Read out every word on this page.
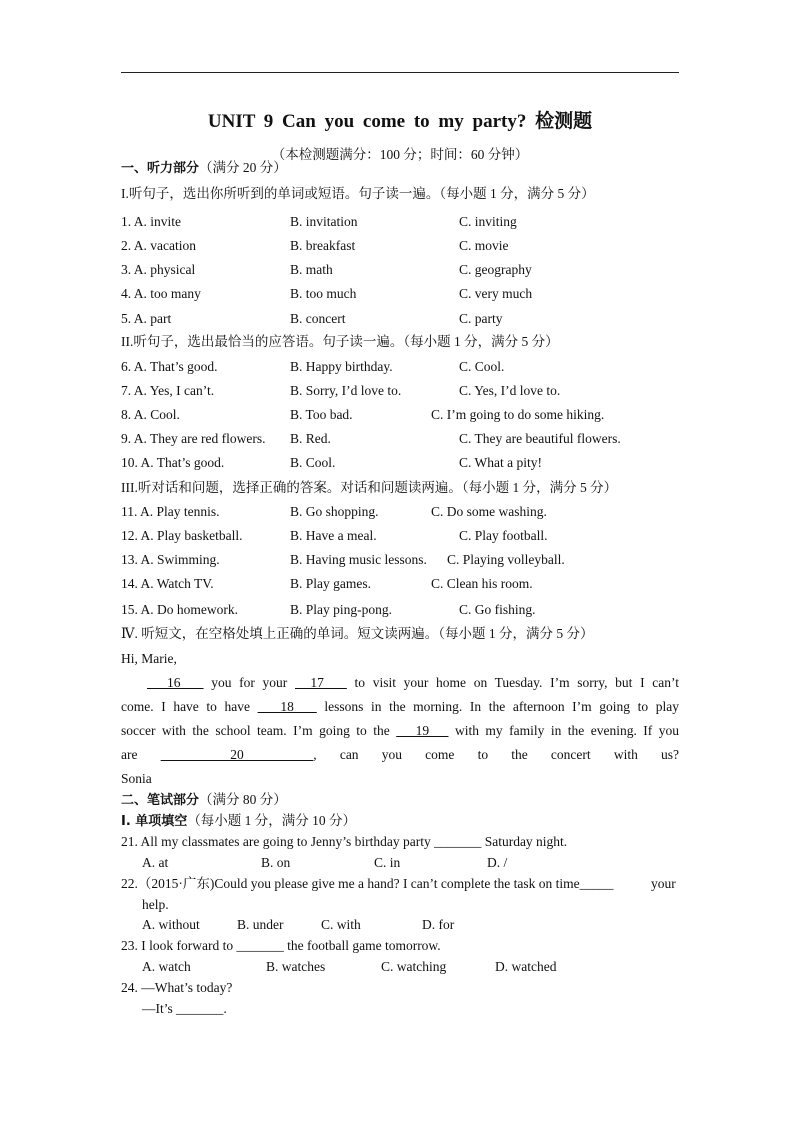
UNIT 9 Can you come to my party? 检测题
（本检测题满分：100 分；时间：60 分钟）
一、听力部分（满分 20 分）
I.听句子，选出你所听到的单词或短语。句子读一遍。（每小题 1 分，满分 5 分）
1. A. invite	B. invitation	C. inviting
2. A. vacation	B. breakfast	C. movie
3. A. physical	B. math	C. geography
4. A. too many	B. too much	C. very much
5. A. part	B. concert	C. party
II.听句子，选出最恰当的应答语。句子读一遍。（每小题 1 分，满分 5 分）
6. A. That’s good.	B. Happy birthday.	C. Cool.
7. A. Yes, I can’t.	B. Sorry, I’d love to.	C. Yes, I’d love to.
8. A. Cool.	B. Too bad.	C. I’m going to do some hiking.
9. A. They are red flowers. B. Red.	C. They are beautiful flowers.
10. A. That’s good.	B. Cool.	C. What a pity!
III.听对话和问题，选择正确的答案。对话和问题读两遍。（每小题 1 分，满分 5 分）
11. A. Play tennis.	B. Go shopping.	C. Do some washing.
12. A. Play basketball.	B. Have a meal.	C. Play football.
13. A. Swimming.	B. Having music lessons. C. Playing volleyball.
14. A. Watch TV.	B. Play games.	C. Clean his room.
15. A. Do homework.	B. Play ping-pong.	C. Go fishing.
Ⅳ. 听短文，在空格处填上正确的单词。短文读两遍。（每小题 1 分，满分 5 分）
Hi, Marie,
16    you for your   17    to visit your home on Tuesday. I’m sorry, but I can’t come. I have to have    18    lessons in the morning. In the afternoon I’m going to play soccer with the school team. I’m going to the    19    with my family in the evening. If you are    20   , can you come to the concert with us?
Sonia
二、笔试部分（满分 80 分）
Ⅰ. 单项填空（每小题 1 分，满分 10 分）
21. All my classmates are going to Jenny’s birthday party _______ Saturday night.
A. at	B. on	C. in	D. /
22.（2015·广东)Could you please give me a hand? I can’t complete the task on time_____	your
help.
A. without	B. under	C. with	D. for
23. I look forward to _______ the football game tomorrow.
A. watch	B. watches	C. watching	D. watched
24. —What’s today?
—It’s _______.
